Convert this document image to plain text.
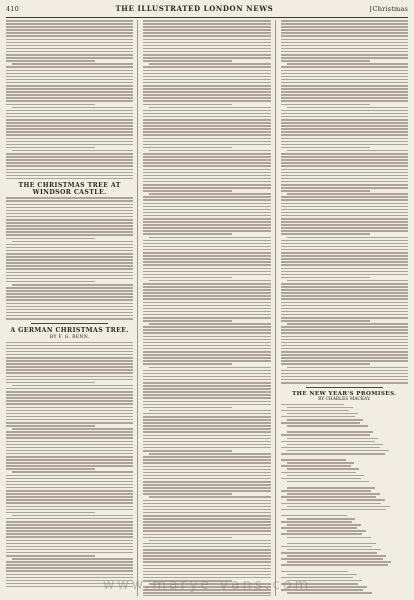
410	THE ILLUSTRATED LONDON NEWS	[Christmas
THE CHRISTMAS TREE AT WINDSOR CASTLE.
A GERMAN CHRISTMAS TREE.
BY F. G. BENN.
THE NEW YEAR'S PROMISES.
BY CHARLES MACKAY.
www.marye vans.com
